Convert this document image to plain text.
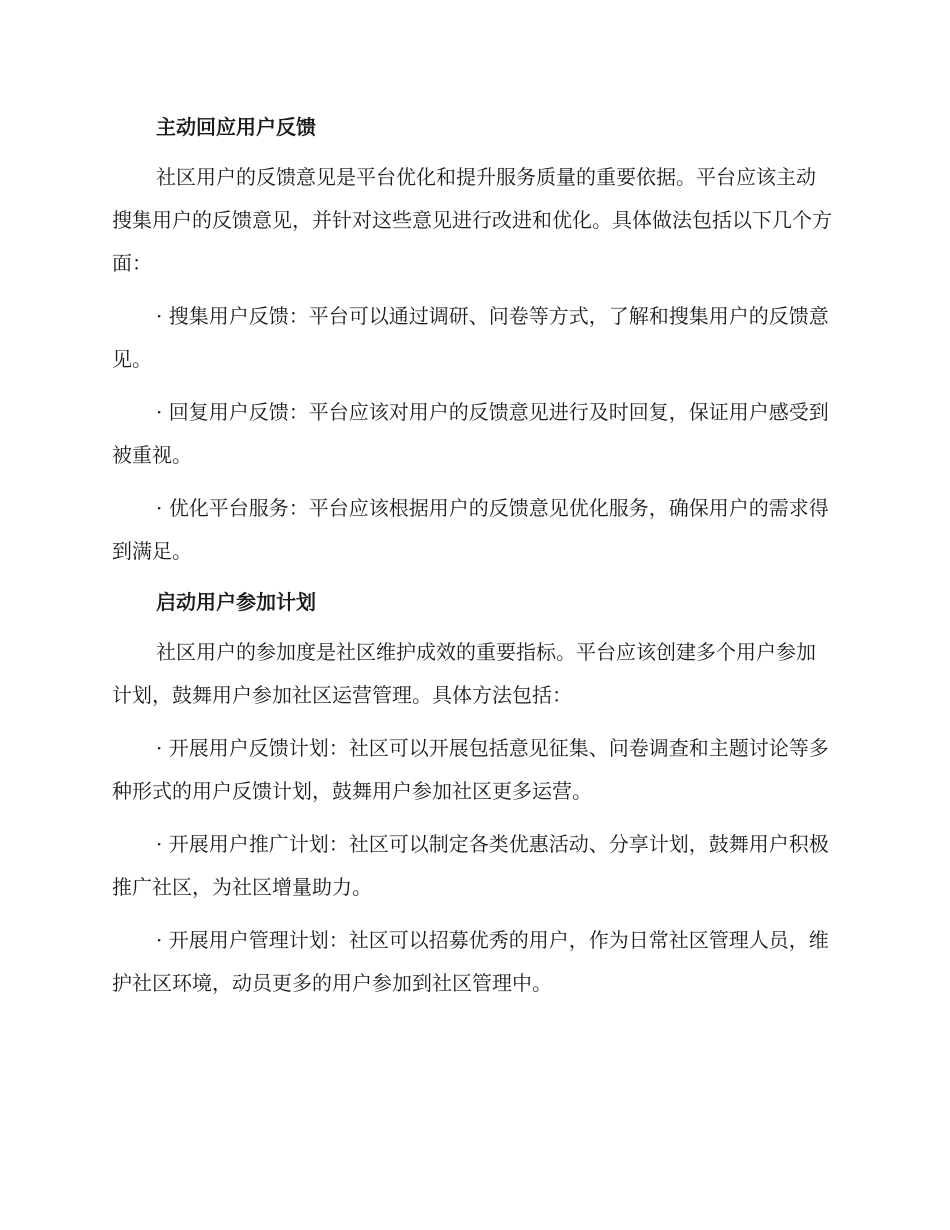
主动回应用户反馈

社区用户的反馈意见是平台优化和提升服务质量的重要依据。平台应该主动搜集用户的反馈意见，并针对这些意见进行改进和优化。具体做法包括以下几个方面：

· 搜集用户反馈：平台可以通过调研、问卷等方式，了解和搜集用户的反馈意见。

· 回复用户反馈：平台应该对用户的反馈意见进行及时回复，保证用户感受到被重视。

· 优化平台服务：平台应该根据用户的反馈意见优化服务，确保用户的需求得到满足。

启动用户参加计划

社区用户的参加度是社区维护成效的重要指标。平台应该创建多个用户参加计划，鼓舞用户参加社区运营管理。具体方法包括：

· 开展用户反馈计划：社区可以开展包括意见征集、问卷调查和主题讨论等多种形式的用户反馈计划，鼓舞用户参加社区更多运营。

· 开展用户推广计划：社区可以制定各类优惠活动、分享计划，鼓舞用户积极推广社区，为社区增量助力。

· 开展用户管理计划：社区可以招募优秀的用户，作为日常社区管理人员，维护社区环境，动员更多的用户参加到社区管理中。
